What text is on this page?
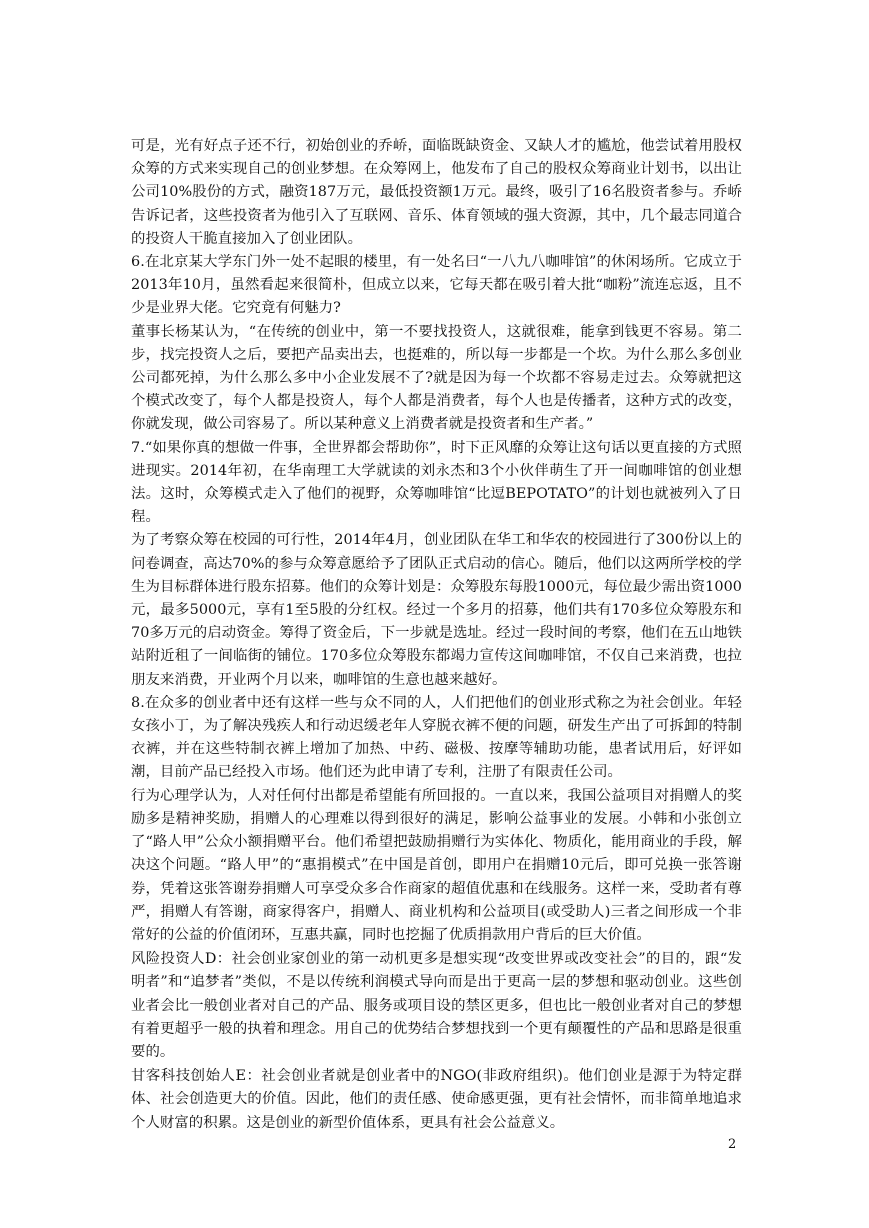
可是，光有好点子还不行，初始创业的乔峤，面临既缺资金、又缺人才的尴尬，他尝试着用股权众筹的方式来实现自己的创业梦想。在众筹网上，他发布了自己的股权众筹商业计划书，以出让公司10%股份的方式，融资187万元，最低投资额1万元。最终，吸引了16名股资者参与。乔峤告诉记者，这些投资者为他引入了互联网、音乐、体育领域的强大资源，其中，几个最志同道合的投资人干脆直接加入了创业团队。

6.在北京某大学东门外一处不起眼的楼里，有一处名曰“一八九八咖啡馆”的休闲场所。它成立于2013年10月，虽然看起来很简朴，但成立以来，它每天都在吸引着大批“咖粉”流连忘返，且不少是业界大佬。它究竟有何魅力?

董事长杨某认为，“在传统的创业中，第一不要找投资人，这就很难，能拿到钱更不容易。第二步，找完投资人之后，要把产品卖出去，也挺难的，所以每一步都是一个坎。为什么那么多创业公司都死掉，为什么那么多中小企业发展不了?就是因为每一个坎都不容易走过去。众筹就把这个模式改变了，每个人都是投资人，每个人都是消费者，每个人也是传播者，这种方式的改变，你就发现，做公司容易了。所以某种意义上消费者就是投资者和生产者。”

7.“如果你真的想做一件事，全世界都会帮助你”，时下正风靡的众筹让这句话以更直接的方式照进现实。2014年初，在华南理工大学就读的刘永杰和3个小伙伴萌生了开一间咖啡馆的创业想法。这时，众筹模式走入了他们的视野，众筹咖啡馆“比逗BEPOTATO”的计划也就被列入了日程。

为了考察众筹在校园的可行性，2014年4月，创业团队在华工和华农的校园进行了300份以上的问卷调查，高达70%的参与众筹意愿给予了团队正式启动的信心。随后，他们以这两所学校的学生为目标群体进行股东招募。他们的众筹计划是：众筹股东每股1000元，每位最少需出资1000元，最多5000元，享有1至5股的分红权。经过一个多月的招募，他们共有170多位众筹股东和70多万元的启动资金。筹得了资金后，下一步就是选址。经过一段时间的考察，他们在五山地铁站附近租了一间临街的铺位。170多位众筹股东都竭力宣传这间咖啡馆，不仅自己来消费，也拉朋友来消费，开业两个月以来，咖啡馆的生意也越来越好。

8.在众多的创业者中还有这样一些与众不同的人，人们把他们的创业形式称之为社会创业。年轻女孩小丁，为了解决残疾人和行动迟缓老年人穿脱衣裤不便的问题，研发生产出了可拆卸的特制衣裤，并在这些特制衣裤上增加了加热、中药、磁极、按摩等辅助功能，患者试用后，好评如潮，目前产品已经投入市场。他们还为此申请了专利，注册了有限责任公司。

行为心理学认为，人对任何付出都是希望能有所回报的。一直以来，我国公益项目对捐赠人的奖励多是精神奖励，捐赠人的心理难以得到很好的满足，影响公益事业的发展。小韩和小张创立了“路人甲”公众小额捐赠平台。他们希望把鼓励捐赠行为实体化、物质化，能用商业的手段，解决这个问题。“路人甲”的“惠捐模式”在中国是首创，即用户在捐赠10元后，即可兑换一张答谢券，凭着这张答谢券捐赠人可享受众多合作商家的超值优惠和在线服务。这样一来，受助者有尊严，捐赠人有答谢，商家得客户，捐赠人、商业机构和公益项目(或受助人)三者之间形成一个非常好的公益的价值闭环，互惠共赢，同时也挖掘了优质捐款用户背后的巨大价值。

风险投资人D：社会创业家创业的第一动机更多是想实现“改变世界或改变社会”的目的，跟“发明者”和“追梦者”类似，不是以传统利润模式导向而是出于更高一层的梦想和驱动创业。这些创业者会比一般创业者对自己的产品、服务或项目设的禁区更多，但也比一般创业者对自己的梦想有着更超乎一般的执着和理念。用自己的优势结合梦想找到一个更有颠覆性的产品和思路是很重要的。

甘客科技创始人E：社会创业者就是创业者中的NGO(非政府组织)。他们创业是源于为特定群体、社会创造更大的价值。因此，他们的责任感、使命感更强，更有社会情怀，而非简单地追求个人财富的积累。这是创业的新型价值体系，更具有社会公益意义。

2
